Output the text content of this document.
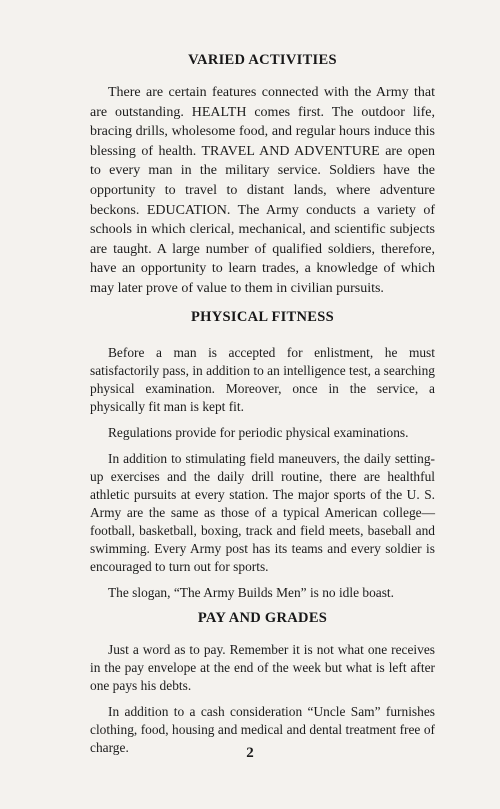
VARIED ACTIVITIES

There are certain features connected with the Army that are outstanding. HEALTH comes first. The outdoor life, bracing drills, wholesome food, and regular hours induce this blessing of health. TRAVEL AND ADVENTURE are open to every man in the military service. Soldiers have the opportunity to travel to distant lands, where adventure beckons. EDUCATION. The Army conducts a variety of schools in which clerical, mechanical, and scientific subjects are taught. A large number of qualified soldiers, therefore, have an opportunity to learn trades, a knowledge of which may later prove of value to them in civilian pursuits.

PHYSICAL FITNESS

Before a man is accepted for enlistment, he must satisfactorily pass, in addition to an intelligence test, a searching physical examination. Moreover, once in the service, a physically fit man is kept fit.

Regulations provide for periodic physical examinations.

In addition to stimulating field maneuvers, the daily setting-up exercises and the daily drill routine, there are healthful athletic pursuits at every station. The major sports of the U. S. Army are the same as those of a typical American college—football, basketball, boxing, track and field meets, baseball and swimming. Every Army post has its teams and every soldier is encouraged to turn out for sports.

The slogan, “The Army Builds Men” is no idle boast.

PAY AND GRADES

Just a word as to pay. Remember it is not what one receives in the pay envelope at the end of the week but what is left after one pays his debts.

In addition to a cash consideration “Uncle Sam” furnishes clothing, food, housing and medical and dental treatment free of charge.	2
